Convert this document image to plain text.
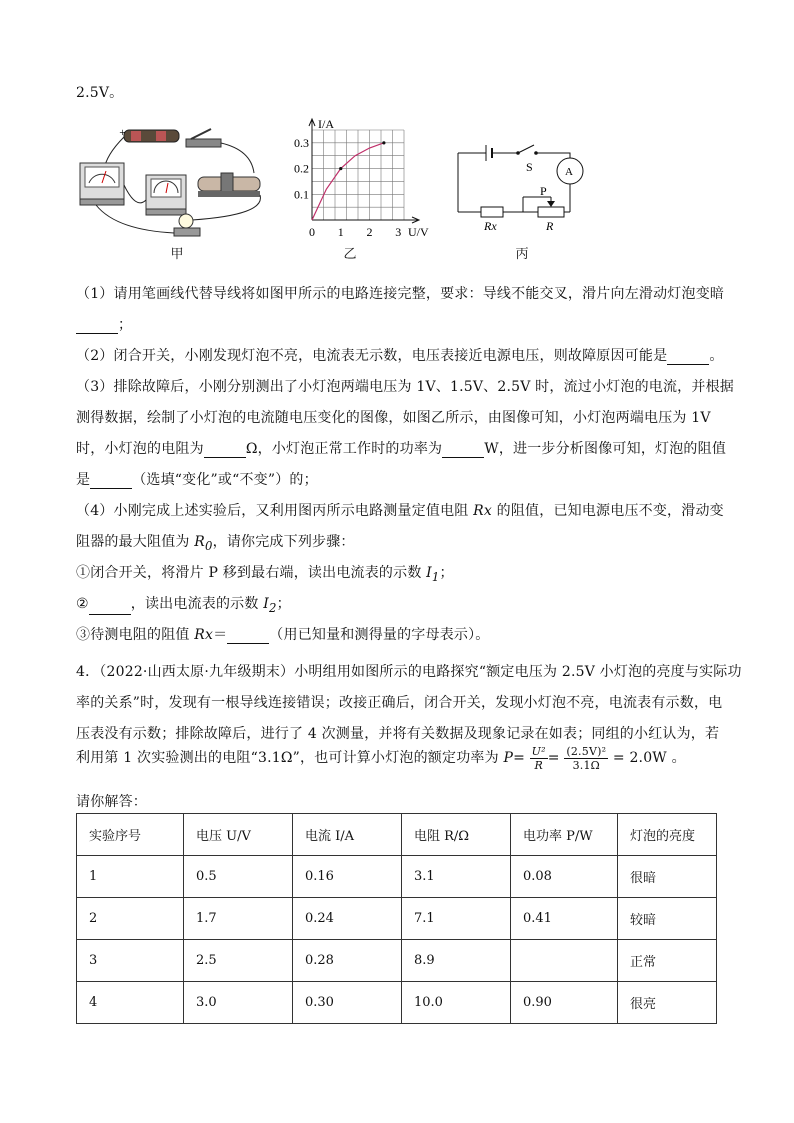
2.5V。
+
甲
I/A
U/V
0 1 2 3
0.1
0.2
0.3
乙
S	A
P
Rx	R
丙
（1）请用笔画线代替导线将如图甲所示的电路连接完整，要求：导线不能交叉，滑片向左滑动灯泡变暗
；
（2）闭合开关，小刚发现灯泡不亮，电流表无示数，电压表接近电源电压，则故障原因可能是	。
（3）排除故障后，小刚分别测出了小灯泡两端电压为 1V、1.5V、2.5V 时，流过小灯泡的电流，并根据
测得数据，绘制了小灯泡的电流随电压变化的图像，如图乙所示，由图像可知，小灯泡两端电压为 1V
时，小灯泡的电阻为	Ω，小灯泡正常工作时的功率为	W，进一步分析图像可知，灯泡的阻值
是	（选填“变化”或“不变”）的；
（4）小刚完成上述实验后，又利用图丙所示电路测量定值电阻 Rx 的阻值，已知电源电压不变，滑动变
阻器的最大阻值为 $R_0$，请你完成下列步骤：
①闭合开关，将滑片 P 移到最右端，读出电流表的示数 $I_1$；
②	，读出电流表的示数 $I_2$；
③待测电阻的阻值 Rx＝	（用已知量和测得量的字母表示）。
4．（2022·山西太原·九年级期末）小明组用如图所示的电路探究“额定电压为 2.5V 小灯泡的亮度与实际功
率的关系”时，发现有一根导线连接错误；改接正确后，闭合开关，发现小灯泡不亮，电流表有示数，电
压表没有示数；排除故障后，进行了 4 次测量，并将有关数据及现象记录在如表；同组的小红认为，若
利用第 1 次实验测出的电阻“3.1Ω”，也可计算小灯泡的额定功率为 $P= \frac{\text{U²}}{R} = \frac{\text{(2.5V)²}}{3.1\Omega} = 2.0W$ 。
请你解答：
实验序号	电压 U/V	电流 I/A	电阻 R/Ω	电功率 P/W	灯泡的亮度
1	0.5	0.16	3.1	0.08	很暗
2	1.7	0.24	7.1	0.41	较暗
3	2.5	0.28	8.9		正常
4	3.0	0.30	10.0	0.90	很亮
